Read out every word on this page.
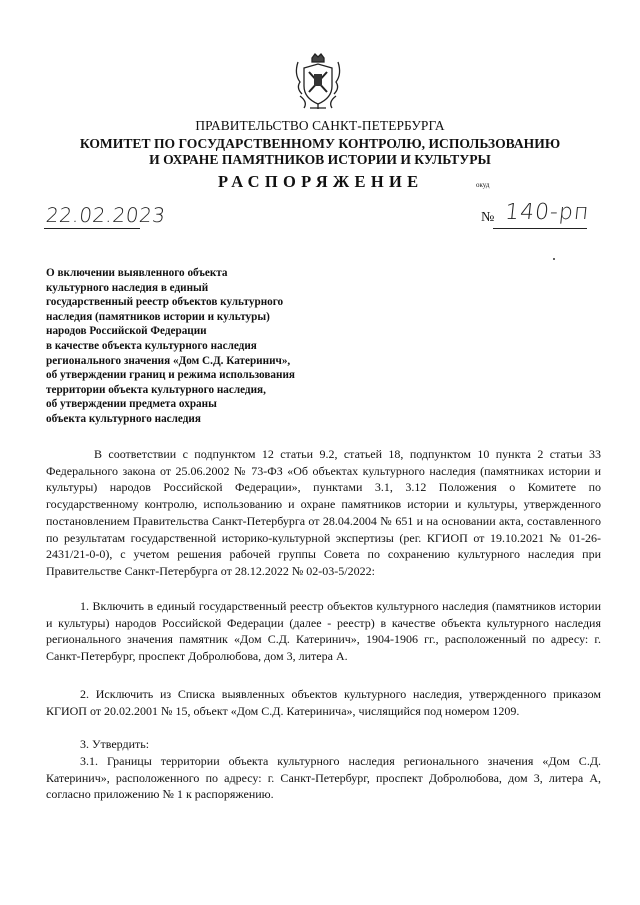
ПРАВИТЕЛЬСТВО САНКТ-ПЕТЕРБУРГА
КОМИТЕТ ПО ГОСУДАРСТВЕННОМУ КОНТРОЛЮ, ИСПОЛЬЗОВАНИЮ
И ОХРАНЕ ПАМЯТНИКОВ ИСТОРИИ И КУЛЬТУРЫ
РАСПОРЯЖЕНИЕ	окуд
22.02.2023	№ 140-рп
О включении выявленного объекта
культурного наследия в единый
государственный реестр объектов культурного
наследия (памятников истории и культуры)
народов Российской Федерации
в качестве объекта культурного наследия
регионального значения «Дом С.Д. Катеринич»,
об утверждении границ и режима использования
территории объекта культурного наследия,
об утверждении предмета охраны
объекта культурного наследия

В соответствии с подпунктом 12 статьи 9.2, статьей 18, подпунктом 10 пункта 2 статьи 33 Федерального закона от 25.06.2002 № 73-ФЗ «Об объектах культурного наследия (памятниках истории и культуры) народов Российской Федерации», пунктами 3.1, 3.12 Положения о Комитете по государственному контролю, использованию и охране памятников истории и культуры, утвержденного постановлением Правительства Санкт-Петербурга от 28.04.2004 № 651 и на основании акта, составленного по результатам государственной историко-культурной экспертизы (рег. КГИОП от 19.10.2021 № 01-26-2431/21-0-0), с учетом решения рабочей группы Совета по сохранению культурного наследия при Правительстве Санкт-Петербурга от 28.12.2022 № 02-03-5/2022:

1. Включить в единый государственный реестр объектов культурного наследия (памятников истории и культуры) народов Российской Федерации (далее - реестр) в качестве объекта культурного наследия регионального значения памятник «Дом С.Д. Катеринич», 1904-1906 гг., расположенный по адресу: г. Санкт-Петербург, проспект Добролюбова, дом 3, литера А.

2. Исключить из Списка выявленных объектов культурного наследия, утвержденного приказом КГИОП от 20.02.2001 № 15, объект «Дом С.Д. Катеринича», числящийся под номером 1209.

3. Утвердить:

3.1. Границы территории объекта культурного наследия регионального значения «Дом С.Д. Катеринич», расположенного по адресу: г. Санкт-Петербург, проспект Добролюбова, дом 3, литера А, согласно приложению № 1 к распоряжению.
